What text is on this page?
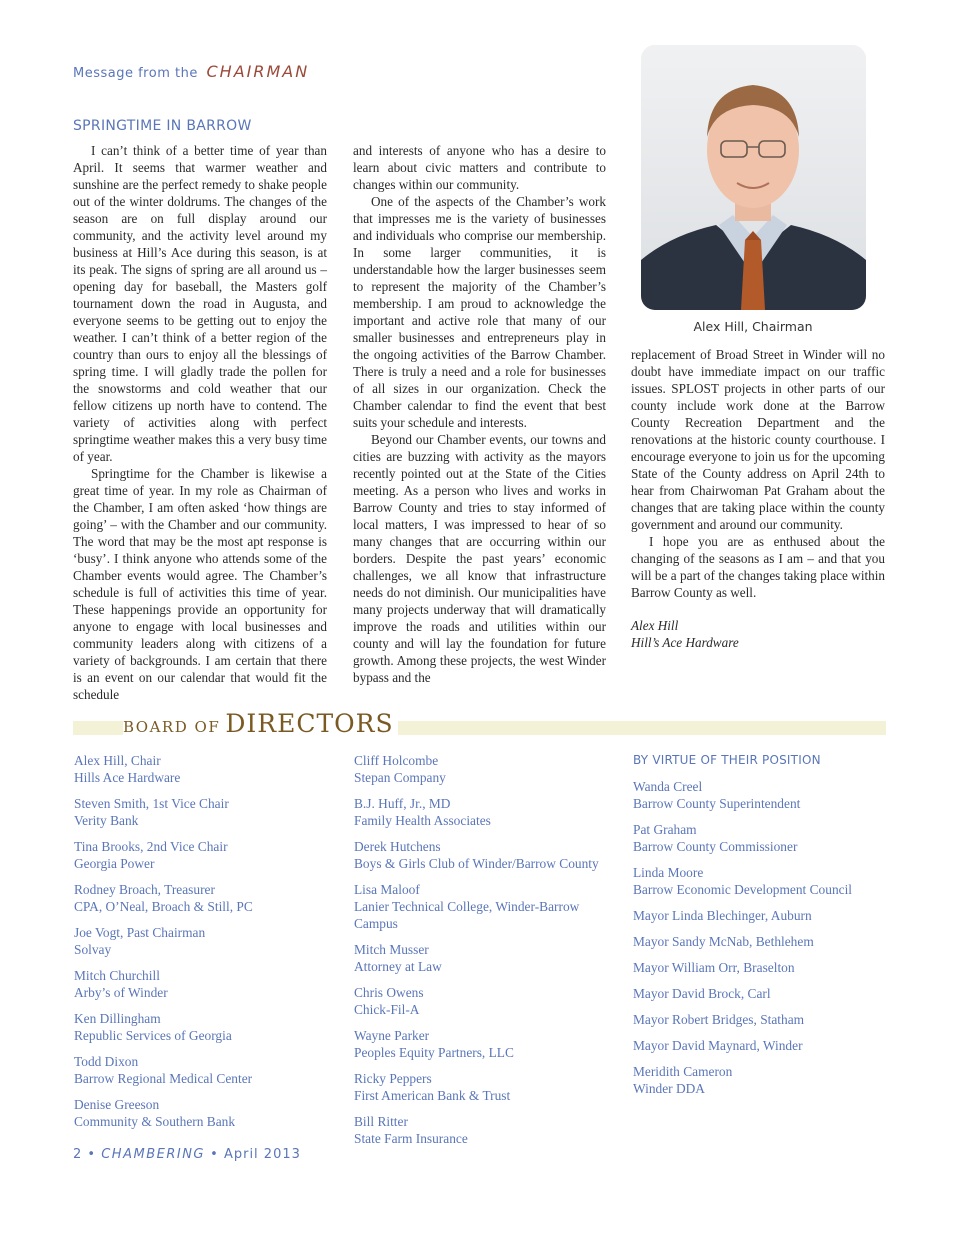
Message from the CHAIRMAN
SPRINGTIME IN BARROW

I can’t think of a better time of year than April. It seems that warmer weather and sunshine are the perfect remedy to shake people out of the winter doldrums. The changes of the season are on full display around our community, and the activity level around my business at Hill’s Ace during this season, is at its peak. The signs of spring are all around us – opening day for baseball, the Masters golf tournament down the road in Augusta, and everyone seems to be getting out to enjoy the weather. I can’t think of a better region of the country than ours to enjoy all the blessings of spring time. I will gladly trade the pollen for the snowstorms and cold weather that our fellow citizens up north have to contend. The variety of activities along with perfect springtime weather makes this a very busy time of year.

Springtime for the Chamber is likewise a great time of year. In my role as Chairman of the Chamber, I am often asked ‘how things are going’ – with the Chamber and our community. The word that may be the most apt response is ‘busy’. I think anyone who attends some of the Chamber events would agree. The Chamber’s schedule is full of activities this time of year. These happenings provide an opportunity for anyone to engage with local businesses and community leaders along with citizens of a variety of backgrounds. I am certain that there is an event on our calendar that would fit the schedule

and interests of anyone who has a desire to learn about civic matters and contribute to changes within our community.

One of the aspects of the Chamber’s work that impresses me is the variety of businesses and individuals who comprise our membership. In some larger communities, it is understandable how the larger businesses seem to represent the majority of the Chamber’s membership. I am proud to acknowledge the important and active role that many of our smaller businesses and entrepreneurs play in the ongoing activities of the Barrow Chamber. There is truly a need and a role for businesses of all sizes in our organization. Check the Chamber calendar to find the event that best suits your schedule and interests.

Beyond our Chamber events, our towns and cities are buzzing with activity as the mayors recently pointed out at the State of the Cities meeting. As a person who lives and works in Barrow County and tries to stay informed of local matters, I was impressed to hear of so many changes that are occurring within our borders. Despite the past years’ economic challenges, we all know that infrastructure needs do not diminish. Our municipalities have many projects underway that will dramatically improve the roads and utilities within our county and will lay the foundation for future growth. Among these projects, the west Winder bypass and the

Alex Hill, Chairman

replacement of Broad Street in Winder will no doubt have immediate impact on our traffic issues. SPLOST projects in other parts of our county include work done at the Barrow County Recreation Department and the renovations at the historic county courthouse. I encourage everyone to join us for the upcoming State of the County address on April 24th to hear from Chairwoman Pat Graham about the changes that are taking place within the county government and around our community.

I hope you are as enthused about the changing of the seasons as I am – and that you will be a part of the changes taking place within Barrow County as well.

Alex Hill
Hill’s Ace Hardware
BOARD OF DIRECTORS
Alex Hill, Chair
Hills Ace Hardware
Steven Smith, 1st Vice Chair
Verity Bank
Tina Brooks, 2nd Vice Chair
Georgia Power
Rodney Broach, Treasurer
CPA, O’Neal, Broach & Still, PC
Joe Vogt, Past Chairman
Solvay
Mitch Churchill
Arby’s of Winder
Ken Dillingham
Republic Services of Georgia
Todd Dixon
Barrow Regional Medical Center
Denise Greeson
Community & Southern Bank
Cliff Holcombe
Stepan Company
B.J. Huff, Jr., MD
Family Health Associates
Derek Hutchens
Boys & Girls Club of Winder/Barrow County
Lisa Maloof
Lanier Technical College, Winder-Barrow Campus
Mitch Musser
Attorney at Law
Chris Owens
Chick-Fil-A
Wayne Parker
Peoples Equity Partners, LLC
Ricky Peppers
First American Bank & Trust
Bill Ritter
State Farm Insurance
BY VIRTUE OF THEIR POSITION
Wanda Creel
Barrow County Superintendent
Pat Graham
Barrow County Commissioner
Linda Moore
Barrow Economic Development Council
Mayor Linda Blechinger, Auburn
Mayor Sandy McNab, Bethlehem
Mayor William Orr, Braselton
Mayor David Brock, Carl
Mayor Robert Bridges, Statham
Mayor David Maynard, Winder
Meridith Cameron
Winder DDA
2 • CHAMBERING • April 2013
